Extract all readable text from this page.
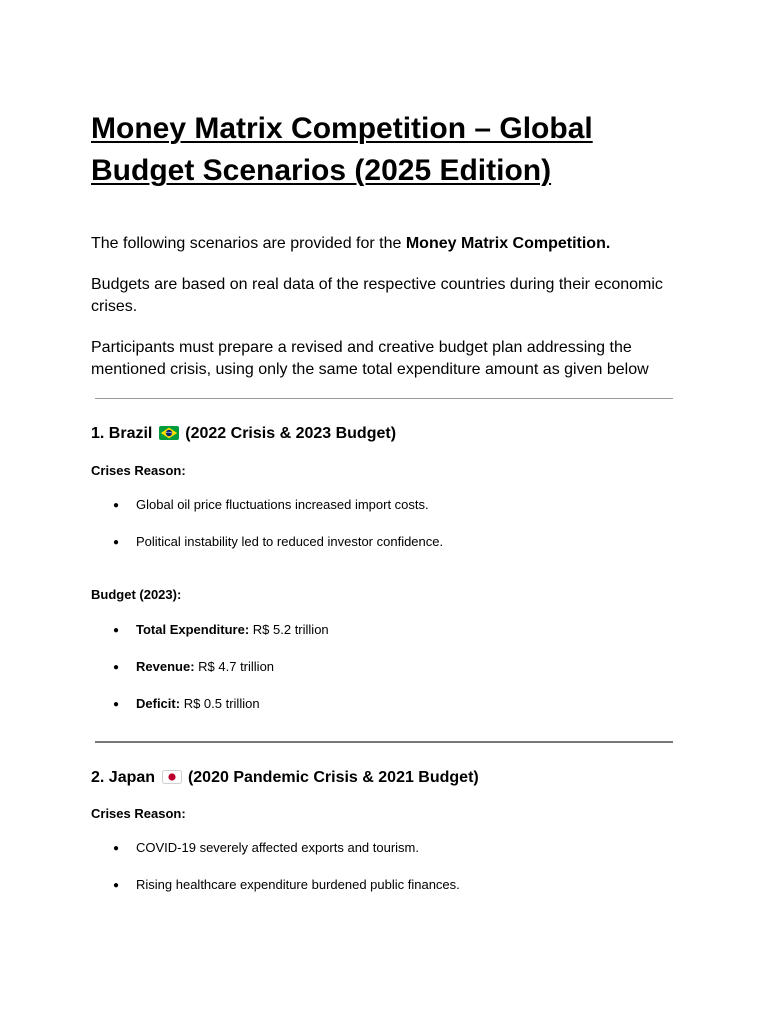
Money Matrix Competition – Global Budget Scenarios (2025 Edition)

The following scenarios are provided for the Money Matrix Competition.

Budgets are based on real data of the respective countries during their economic crises.

Participants must prepare a revised and creative budget plan addressing the mentioned crisis, using only the same total expenditure amount as given below

1. Brazil (2022 Crisis & 2023 Budget)

Crises Reason:

● Global oil price fluctuations increased import costs.

● Political instability led to reduced investor confidence.

Budget (2023):

● Total Expenditure: R$ 5.2 trillion

● Revenue: R$ 4.7 trillion

● Deficit: R$ 0.5 trillion

2. Japan (2020 Pandemic Crisis & 2021 Budget)

Crises Reason:

● COVID-19 severely affected exports and tourism.

● Rising healthcare expenditure burdened public finances.
